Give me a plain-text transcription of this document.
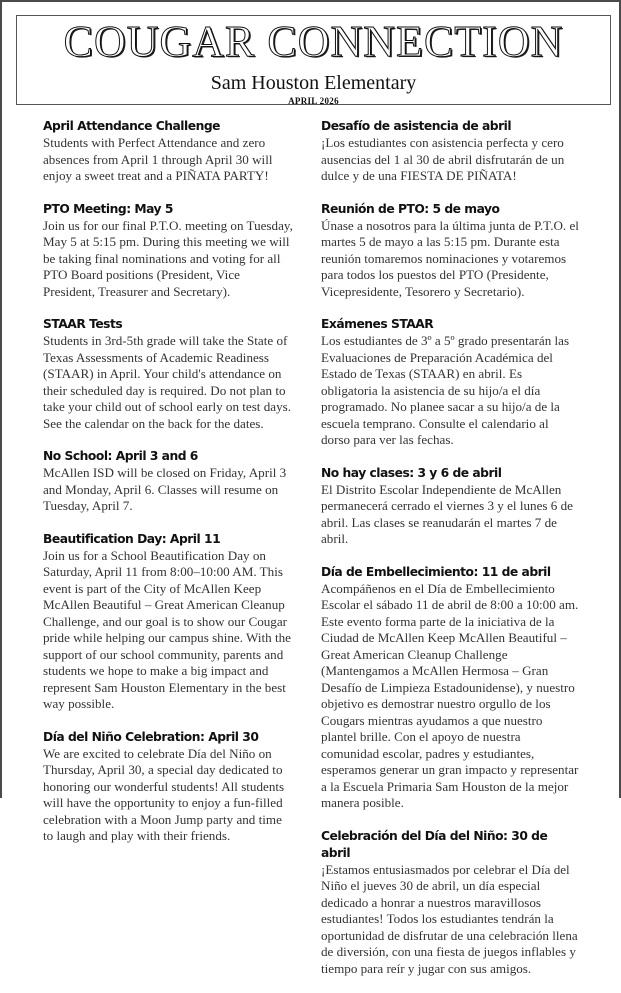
COUGAR CONNECTION
Sam Houston Elementary
APRIL 2026
April Attendance Challenge

Students with Perfect Attendance and zero absences from April 1 through April 30 will enjoy a sweet treat and a PIÑATA PARTY!

PTO Meeting: May 5

Join us for our final P.T.O. meeting on Tuesday, May 5 at 5:15 pm. During this meeting we will be taking final nominations and voting for all PTO Board positions (President, Vice President, Treasurer and Secretary).

STAAR Tests

Students in 3rd-5th grade will take the State of Texas Assessments of Academic Readiness (STAAR) in April. Your child's attendance on their scheduled day is required. Do not plan to take your child out of school early on test days. See the calendar on the back for the dates.

No School: April 3 and 6

McAllen ISD will be closed on Friday, April 3 and Monday, April 6. Classes will resume on Tuesday, April 7.

Beautification Day: April 11

Join us for a School Beautification Day on Saturday, April 11 from 8:00–10:00 AM. This event is part of the City of McAllen Keep McAllen Beautiful – Great American Cleanup Challenge, and our goal is to show our Cougar pride while helping our campus shine. With the support of our school community, parents and students we hope to make a big impact and represent Sam Houston Elementary in the best way possible.

Día del Niño Celebration: April 30

We are excited to celebrate Día del Niño on Thursday, April 30, a special day dedicated to honoring our wonderful students! All students will have the opportunity to enjoy a fun-filled celebration with a Moon Jump party and time to laugh and play with their friends.

Desafío de asistencia de abril

¡Los estudiantes con asistencia perfecta y cero ausencias del 1 al 30 de abril disfrutarán de un dulce y de una FIESTA DE PIÑATA!

Reunión de PTO: 5 de mayo

Únase a nosotros para la última junta de P.T.O. el martes 5 de mayo a las 5:15 pm. Durante esta reunión tomaremos nominaciones y votaremos para todos los puestos del PTO (Presidente, Vicepresidente, Tesorero y Secretario).

Exámenes STAAR

Los estudiantes de 3º a 5º grado presentarán las Evaluaciones de Preparación Académica del Estado de Texas (STAAR) en abril. Es obligatoria la asistencia de su hijo/a el día programado. No planee sacar a su hijo/a de la escuela temprano. Consulte el calendario al dorso para ver las fechas.

No hay clases: 3 y 6 de abril

El Distrito Escolar Independiente de McAllen permanecerá cerrado el viernes 3 y el lunes 6 de abril. Las clases se reanudarán el martes 7 de abril.

Día de Embellecimiento: 11 de abril

Acompáñenos en el Día de Embellecimiento Escolar el sábado 11 de abril de 8:00 a 10:00 am. Este evento forma parte de la iniciativa de la Ciudad de McAllen Keep McAllen Beautiful – Great American Cleanup Challenge (Mantengamos a McAllen Hermosa – Gran Desafío de Limpieza Estadounidense), y nuestro objetivo es demostrar nuestro orgullo de los Cougars mientras ayudamos a que nuestro plantel brille. Con el apoyo de nuestra comunidad escolar, padres y estudiantes, esperamos generar un gran impacto y representar a la Escuela Primaria Sam Houston de la mejor manera posible.

Celebración del Día del Niño: 30 de abril

¡Estamos entusiasmados por celebrar el Día del Niño el jueves 30 de abril, un día especial dedicado a honrar a nuestros maravillosos estudiantes! Todos los estudiantes tendrán la oportunidad de disfrutar de una celebración llena de diversión, con una fiesta de juegos inflables y tiempo para reír y jugar con sus amigos.
